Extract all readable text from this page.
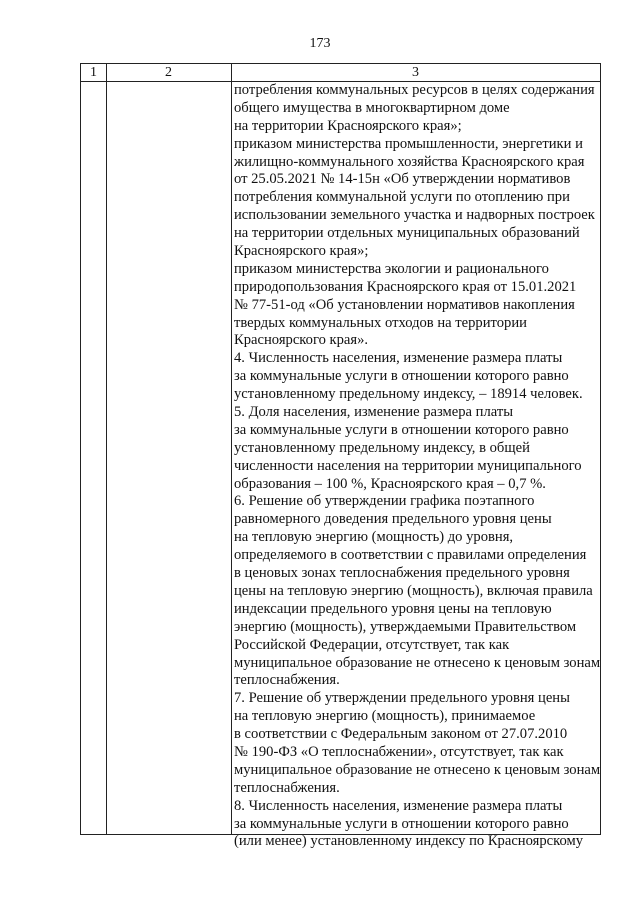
173
1	2	3
потребления коммунальных ресурсов в целях содержания
общего имущества в многоквартирном доме
на территории Красноярского края»;
приказом министерства промышленности, энергетики и
жилищно-коммунального хозяйства Красноярского края
от 25.05.2021 № 14-15н «Об утверждении нормативов
потребления коммунальной услуги по отоплению при
использовании земельного участка и надворных построек
на территории отдельных муниципальных образований
Красноярского края»;
приказом министерства экологии и рационального
природопользования Красноярского края от 15.01.2021
№ 77-51-од «Об установлении нормативов накопления
твердых коммунальных отходов на территории
Красноярского края».
4. Численность населения, изменение размера платы
за коммунальные услуги в отношении которого равно
установленному предельному индексу, – 18914 человек.
5. Доля населения, изменение размера платы
за коммунальные услуги в отношении которого равно
установленному предельному индексу, в общей
численности населения на территории муниципального
образования – 100 %, Красноярского края – 0,7 %.
6. Решение об утверждении графика поэтапного
равномерного доведения предельного уровня цены
на тепловую энергию (мощность) до уровня,
определяемого в соответствии с правилами определения
в ценовых зонах теплоснабжения предельного уровня
цены на тепловую энергию (мощность), включая правила
индексации предельного уровня цены на тепловую
энергию (мощность), утверждаемыми Правительством
Российской Федерации, отсутствует, так как
муниципальное образование не отнесено к ценовым зонам
теплоснабжения.
7. Решение об утверждении предельного уровня цены
на тепловую энергию (мощность), принимаемое
в соответствии с Федеральным законом от 27.07.2010
№ 190-ФЗ «О теплоснабжении», отсутствует, так как
муниципальное образование не отнесено к ценовым зонам
теплоснабжения.
8. Численность населения, изменение размера платы
за коммунальные услуги в отношении которого равно
(или менее) установленному индексу по Красноярскому
